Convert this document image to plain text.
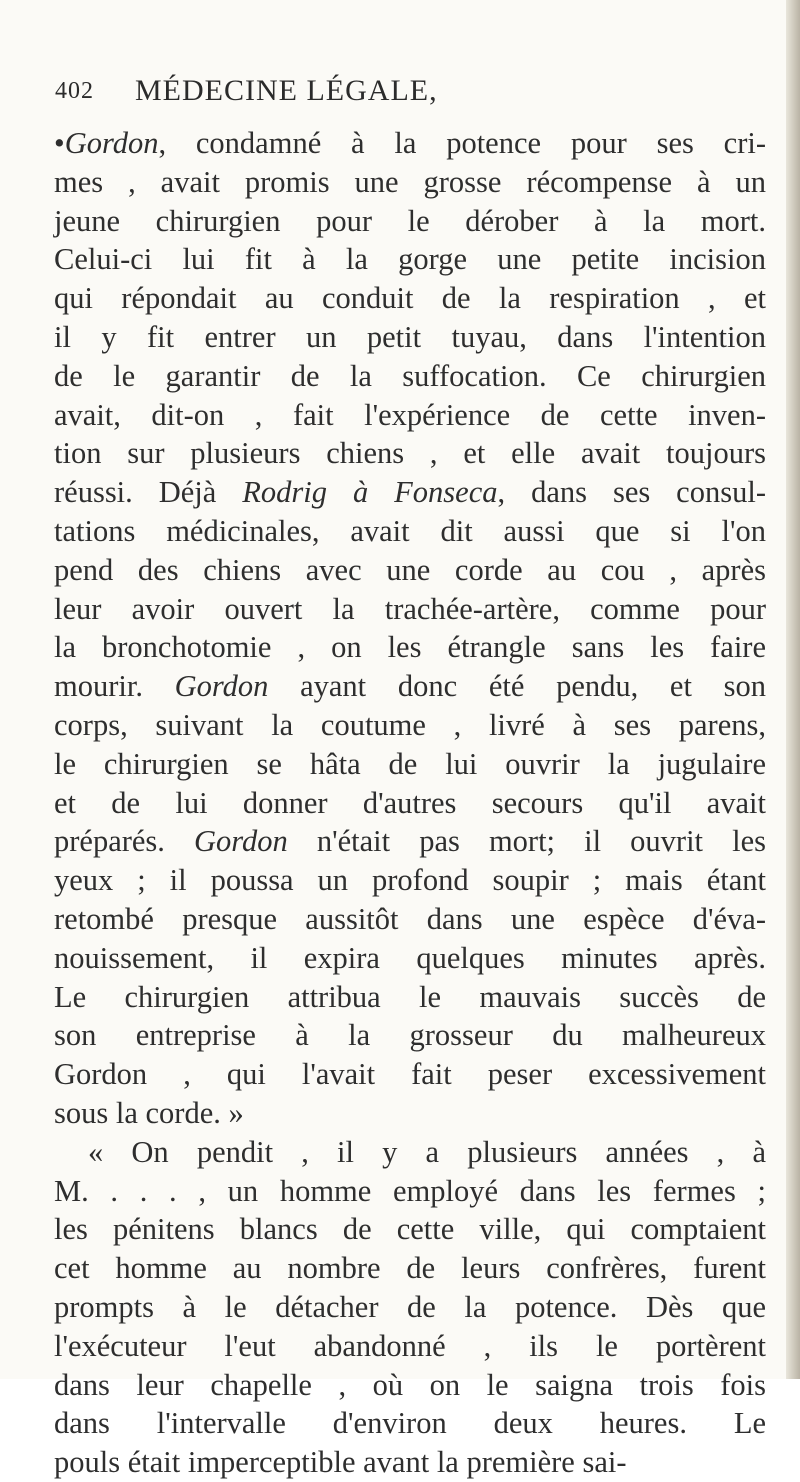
402 MÉDECINE LÉGALE,
•Gordon, condamné à la potence pour ses cri-
mes , avait promis une grosse récompense à un
jeune chirurgien pour le dérober à la mort.
Celui-ci lui fit à la gorge une petite incision
qui répondait au conduit de la respiration , et
il y fit entrer un petit tuyau, dans l'intention
de le garantir de la suffocation. Ce chirurgien
avait, dit-on , fait l'expérience de cette inven-
tion sur plusieurs chiens , et elle avait toujours
réussi. Déjà Rodrig à Fonseca, dans ses consul-
tations médicinales, avait dit aussi que si l'on
pend des chiens avec une corde au cou , après
leur avoir ouvert la trachée-artère, comme pour
la bronchotomie , on les étrangle sans les faire
mourir. Gordon ayant donc été pendu, et son
corps, suivant la coutume , livré à ses parens,
le chirurgien se hâta de lui ouvrir la jugulaire
et de lui donner d'autres secours qu'il avait
préparés. Gordon n'était pas mort; il ouvrit les
yeux ; il poussa un profond soupir ; mais étant
retombé presque aussitôt dans une espèce d'éva-
nouissement, il expira quelques minutes après.
Le chirurgien attribua le mauvais succès de
son entreprise à la grosseur du malheureux
Gordon , qui l'avait fait peser excessivement
sous la corde. »
« On pendit , il y a plusieurs années , à
M. . . . , un homme employé dans les fermes ;
les pénitens blancs de cette ville, qui comptaient
cet homme au nombre de leurs confrères, furent
prompts à le détacher de la potence. Dès que
l'exécuteur l'eut abandonné , ils le portèrent
dans leur chapelle , où on le saigna trois fois
dans l'intervalle d'environ deux heures. Le
pouls était imperceptible avant la première sai-
